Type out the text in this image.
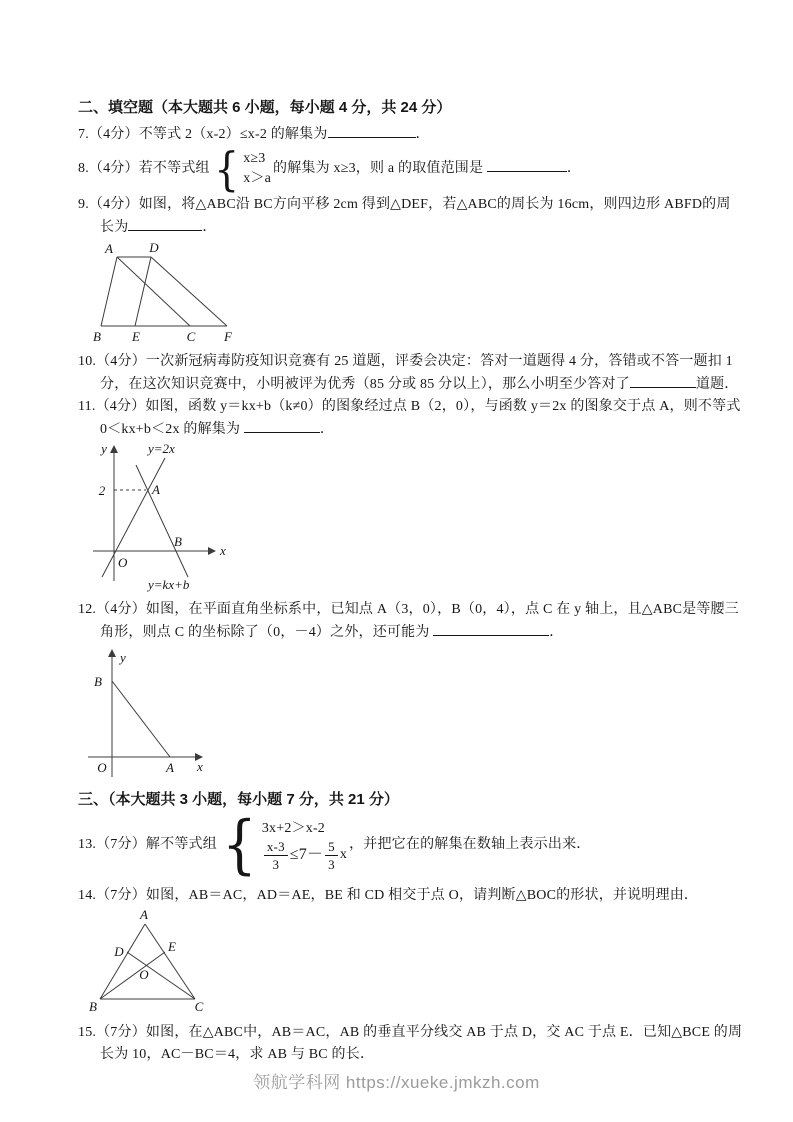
二、填空题（本大题共 6 小题，每小题 4 分，共 24 分）
7.（4分）不等式 2（x-2）≤x-2 的解集为	．
8.（4分）若不等式组 { x≥3
x＞a
的解集为 x≥3，则 a 的取值范围是	．
9.（4分）如图，将△ABC沿 BC方向平移 2cm 得到△DEF，若△ABC的周长为 16cm，则四边形 ABFD的周长为	．
A	D
B E	C F
10.（4分）一次新冠病毒防疫知识竞赛有 25 道题，评委会决定：答对一道题得 4 分，答错或不答一题扣 1 分，在这次知识竞赛中，小明被评为优秀（85 分或 85 分以上），那么小明至少答对了	道题．
11.（4分）如图，函数 y＝kx+b（k≠0）的图象经过点 B（2，0），与函数 y＝2x 的图象交于点 A，则不等式 0＜kx+b＜2x 的解集为	．
y	y=2x
2	A
B
O
x
y=kx+b
12.（4分）如图，在平面直角坐标系中，已知点 A（3，0），B（0，4），点 C 在 y 轴上，且△ABC是等腰三角形，则点 C 的坐标除了（0，－4）之外，还可能为	．
y
B
O	A x
三、（本大题共 3 小题，每小题 7 分，共 21 分）
13.（7分）解不等式组 { 3x+2＞x-2
$\frac{x-3}{3} \le 7- \frac{5}{3}$ x
，并把它在的解集在数轴上表示出来．
14.（7分）如图，AB＝AC，AD＝AE，BE 和 CD 相交于点 O，请判断△BOC的形状，并说明理由．
A
D	E
O
B	C
15.（7分）如图，在△ABC中，AB＝AC，AB 的垂直平分线交 AB 于点 D，交 AC 于点 E．已知△BCE 的周长为 10，AC－BC＝4，求 AB 与 BC 的长．
领航学科网 https://xueke.jmkzh.com
